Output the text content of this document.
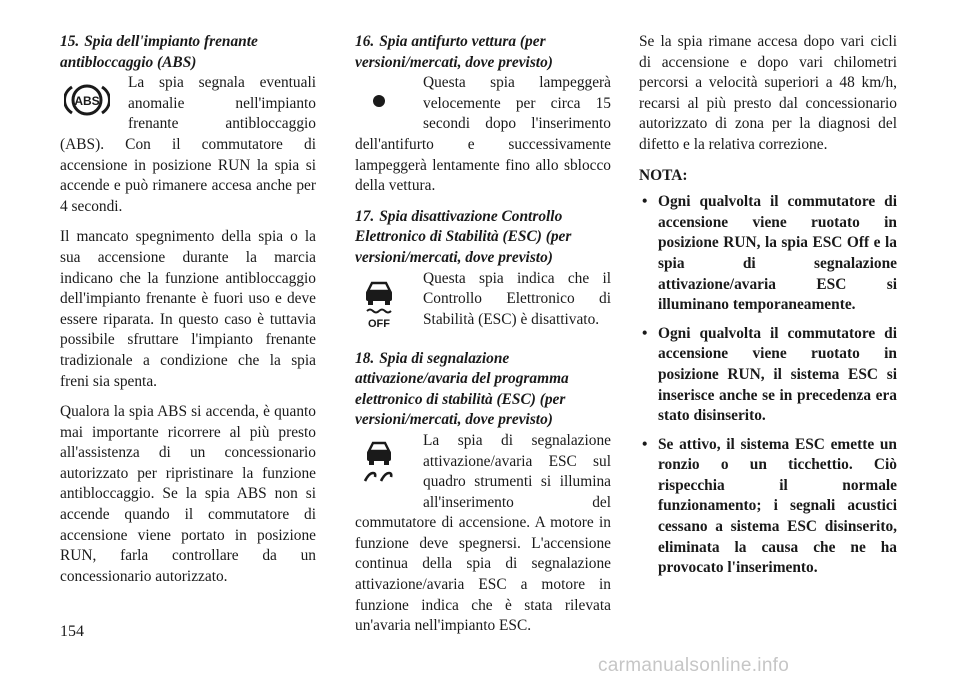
15. Spia dell'impianto frenante antibloccaggio (ABS)
ABS
La spia segnala eventuali anomalie nell'impianto frenante antibloccaggio (ABS). Con il commutatore di accensione in posizione RUN la spia si accende e può rimanere accesa anche per 4 secondi.

Il mancato spegnimento della spia o la sua accensione durante la marcia indicano che la funzione antibloccaggio dell'impianto frenante è fuori uso e deve essere riparata. In questo caso è tuttavia possibile sfruttare l'impianto frenante tradizionale a condizione che la spia freni sia spenta.

Qualora la spia ABS si accenda, è quanto mai importante ricorrere al più presto all'assistenza di un concessionario autorizzato per ripristinare la funzione antibloccaggio. Se la spia ABS non si accende quando il commutatore di accensione viene portato in posizione RUN, farla controllare da un concessionario autorizzato.

16. Spia antifurto vettura (per versioni/mercati, dove previsto)
Questa spia lampeggerà velocemente per circa 15 secondi dopo l'inserimento dell'antifurto e successivamente lampeggerà lentamente fino allo sblocco della vettura.
17. Spia disattivazione Controllo Elettronico di Stabilità (ESC) (per versioni/mercati, dove previsto)
OFF
Questa spia indica che il Controllo Elettronico di Stabilità (ESC) è disattivato.
18. Spia di segnalazione attivazione/avaria del programma elettronico di stabilità (ESC) (per versioni/mercati, dove previsto)
La spia di segnalazione attivazione/avaria ESC sul quadro strumenti si illumina all'inserimento del commutatore di accensione. A motore in funzione deve spegnersi. L'accensione continua della spia di segnalazione attivazione/avaria ESC a motore in funzione indica che è stata rilevata un'avaria nell'impianto ESC.

Se la spia rimane accesa dopo vari cicli di accensione e dopo vari chilometri percorsi a velocità superiori a 48 km/h, recarsi al più presto dal concessionario autorizzato di zona per la diagnosi del difetto e la relativa correzione.

NOTA:
• Ogni qualvolta il commutatore di accensione viene ruotato in posizione RUN, la spia ESC Off e la spia di segnalazione attivazione/avaria ESC si illuminano temporaneamente.
• Ogni qualvolta il commutatore di accensione viene ruotato in posizione RUN, il sistema ESC si inserisce anche se in precedenza era stato disinserito.
• Se attivo, il sistema ESC emette un ronzio o un ticchettio. Ciò rispecchia il normale funzionamento; i segnali acustici cessano a sistema ESC disinserito, eliminata la causa che ne ha provocato l'inserimento.
154
carmanualsonline.info
